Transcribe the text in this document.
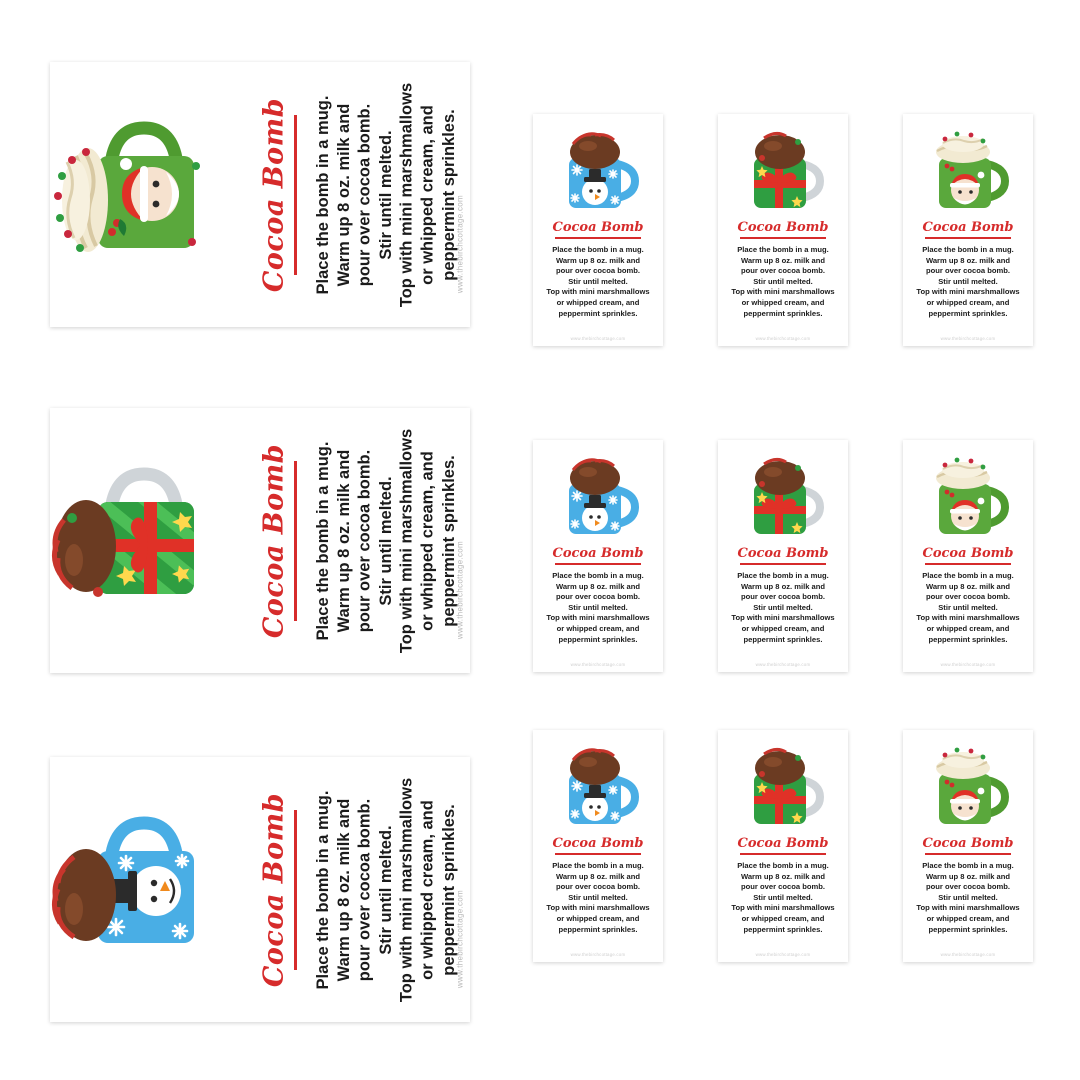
Cocoa Bomb Place the bomb in a mug. Warm up 8 oz. milk and pour over cocoa bomb. Stir until melted. Top with mini marshmallows or whipped cream, and peppermint sprinkles.
www.thebirchcottage.com
Cocoa Bomb Place the bomb in a mug. Warm up 8 oz. milk and pour over cocoa bomb. Stir until melted. Top with mini marshmallows or whipped cream, and peppermint sprinkles.
www.thebirchcottage.com
Cocoa Bomb Place the bomb in a mug. Warm up 8 oz. milk and pour over cocoa bomb. Stir until melted. Top with mini marshmallows or whipped cream, and peppermint sprinkles.
www.thebirchcottage.com
Cocoa Bomb
Place the bomb in a mug.
Warm up 8 oz. milk and
pour over cocoa bomb.
Stir until melted.
Top with mini marshmallows
or whipped cream, and
peppermint sprinkles.
www.thebirchcottage.com
Cocoa Bomb
Place the bomb in a mug.
Warm up 8 oz. milk and
pour over cocoa bomb.
Stir until melted.
Top with mini marshmallows
or whipped cream, and
peppermint sprinkles.
www.thebirchcottage.com
Cocoa Bomb
Place the bomb in a mug.
Warm up 8 oz. milk and
pour over cocoa bomb.
Stir until melted.
Top with mini marshmallows
or whipped cream, and
peppermint sprinkles.
www.thebirchcottage.com
Cocoa Bomb
Place the bomb in a mug.
Warm up 8 oz. milk and
pour over cocoa bomb.
Stir until melted.
Top with mini marshmallows
or whipped cream, and
peppermint sprinkles.
www.thebirchcottage.com
Cocoa Bomb
Place the bomb in a mug.
Warm up 8 oz. milk and
pour over cocoa bomb.
Stir until melted.
Top with mini marshmallows
or whipped cream, and
peppermint sprinkles.
www.thebirchcottage.com
Cocoa Bomb
Place the bomb in a mug.
Warm up 8 oz. milk and
pour over cocoa bomb.
Stir until melted.
Top with mini marshmallows
or whipped cream, and
peppermint sprinkles.
www.thebirchcottage.com
Cocoa Bomb
Place the bomb in a mug.
Warm up 8 oz. milk and
pour over cocoa bomb.
Stir until melted.
Top with mini marshmallows
or whipped cream, and
peppermint sprinkles.
www.thebirchcottage.com
Cocoa Bomb
Place the bomb in a mug.
Warm up 8 oz. milk and
pour over cocoa bomb.
Stir until melted.
Top with mini marshmallows
or whipped cream, and
peppermint sprinkles.
www.thebirchcottage.com
Cocoa Bomb
Place the bomb in a mug.
Warm up 8 oz. milk and
pour over cocoa bomb.
Stir until melted.
Top with mini marshmallows
or whipped cream, and
peppermint sprinkles.
www.thebirchcottage.com
